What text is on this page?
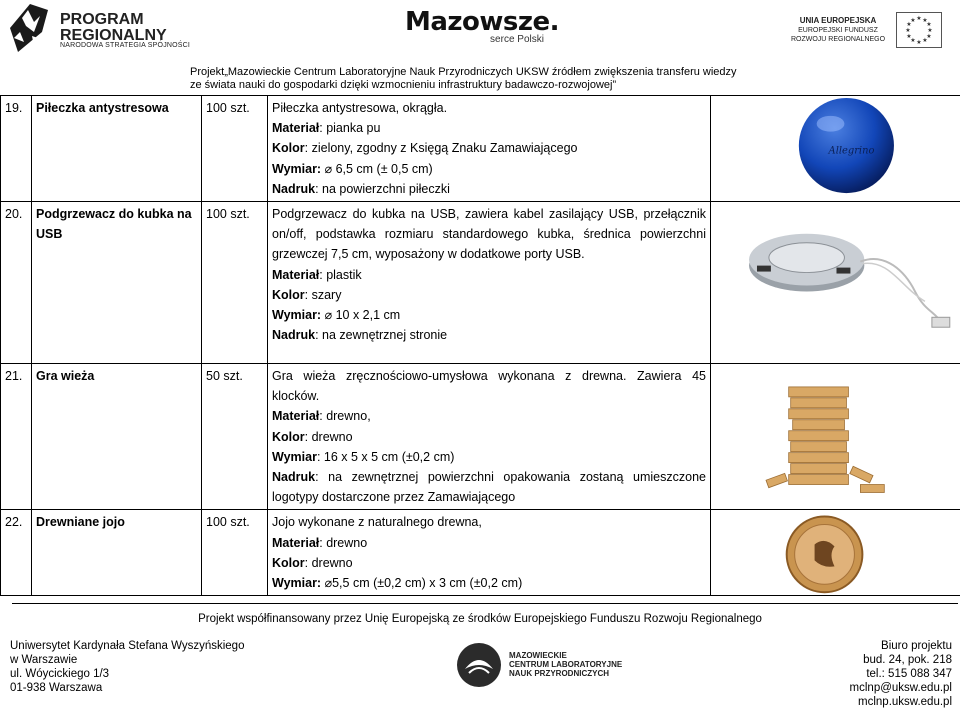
PROGRAM
REGIONALNY
NARODOWA STRATEGIA SPÓJNOŚCI
Mazowsze.
serce Polski
UNIA EUROPEJSKA
EUROPEJSKI FUNDUSZ
ROZWOJU REGIONALNEGO
★ ★
★
★
★
★
★
★
★
★
★
★
Projekt„Mazowieckie Centrum Laboratoryjne Nauk Przyrodniczych UKSW źródłem zwiększenia transferu wiedzy
ze świata nauki do gospodarki dzięki wzmocnieniu infrastruktury badawczo-rozwojowej”
19.	Piłeczka antystresowa	100 szt.	Piłeczka antystresowa, okrągła.
Materiał: pianka pu
Kolor: zielony, zgodny z Księgą Znaku Zamawiającego
Wymiar: ⌀ 6,5 cm (± 0,5 cm)
Nadruk: na powierzchni piłeczki	Allegrino

20.	Podgrzewacz do kubka na USB	100 szt.	Podgrzewacz do kubka na USB, zawiera kabel zasilający USB, przełącznik on/off, podstawka rozmiaru standardowego kubka, średnica powierzchni grzewczej 7,5 cm, wyposażony w dodatkowe porty USB.
Materiał: plastik
Kolor: szary
Wymiar: ⌀ 10 x 2,1 cm
Nadruk: na zewnętrznej stronie

21.	Gra wieża	50 szt.	Gra wieża zręcznościowo-umysłowa wykonana z drewna. Zawiera 45 klocków.
Materiał: drewno,
Kolor: drewno
Wymiar: 16 x 5 x 5 cm (±0,2 cm)
Nadruk: na zewnętrznej powierzchni opakowania zostaną umieszczone logotypy dostarczone przez Zamawiającego

22.	Drewniane jojo	100 szt.	Jojo wykonane z naturalnego drewna,
Materiał: drewno
Kolor: drewno
Wymiar: ⌀5,5 cm (±0,2 cm) x 3 cm (±0,2 cm)

Projekt współfinansowany przez Unię Europejską ze środków Europejskiego Funduszu Rozwoju Regionalnego
Uniwersytet Kardynała Stefana Wyszyńskiego
w Warszawie
ul. Wóycickiego 1/3
01-938 Warszawa
MAZOWIECKIE
CENTRUM LABORATORYJNE
NAUK PRZYRODNICZYCH
Biuro projektu
bud. 24, pok. 218
tel.: 515 088 347
mclnp@uksw.edu.pl
mclnp.uksw.edu.pl
